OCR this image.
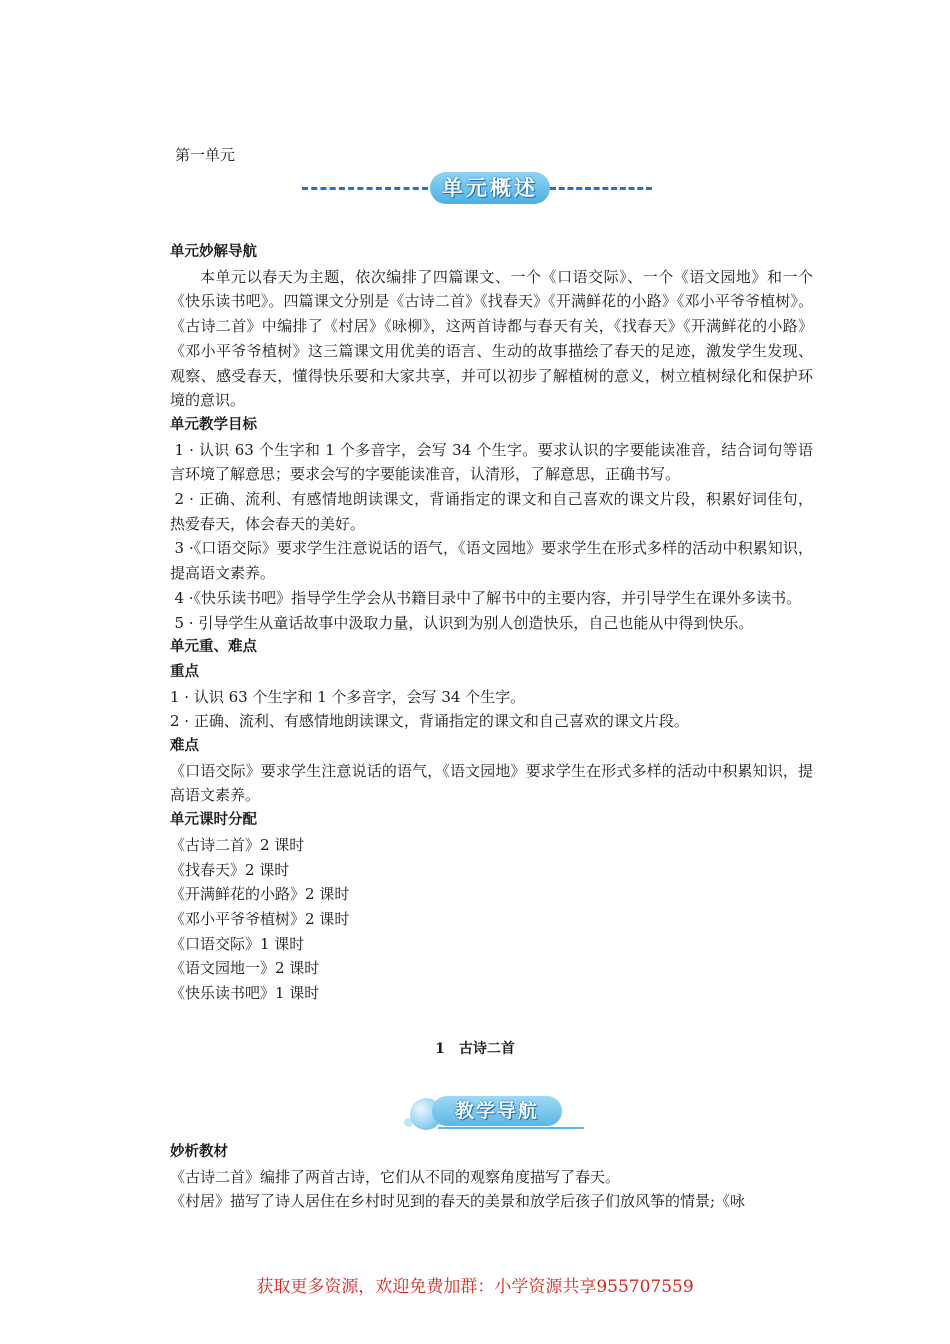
第一单元
单元概述

单元妙解导航

本单元以春天为主题，依次编排了四篇课文、一个《口语交际》、一个《语文园地》和一个《快乐读书吧》。四篇课文分别是《古诗二首》《找春天》《开满鲜花的小路》《邓小平爷爷植树》。《古诗二首》中编排了《村居》《咏柳》，这两首诗都与春天有关，《找春天》《开满鲜花的小路》《邓小平爷爷植树》这三篇课文用优美的语言、生动的故事描绘了春天的足迹，激发学生发现、观察、感受春天，懂得快乐要和大家共享，并可以初步了解植树的意义，树立植树绿化和保护环境的意识。

单元教学目标

1 · 认识 63 个生字和 1 个多音字，会写 34 个生字。要求认识的字要能读准音，结合词句等语言环境了解意思；要求会写的字要能读准音，认清形，了解意思，正确书写。

2 · 正确、流利、有感情地朗读课文，背诵指定的课文和自己喜欢的课文片段，积累好词佳句，热爱春天，体会春天的美好。

3 ·《口语交际》要求学生注意说话的语气，《语文园地》要求学生在形式多样的活动中积累知识，提高语文素养。

4 ·《快乐读书吧》指导学生学会从书籍目录中了解书中的主要内容，并引导学生在课外多读书。

5 · 引导学生从童话故事中汲取力量，认识到为别人创造快乐，自己也能从中得到快乐。

单元重、难点

重点

1 · 认识 63 个生字和 1 个多音字，会写 34 个生字。

2 · 正确、流利、有感情地朗读课文，背诵指定的课文和自己喜欢的课文片段。

难点

《口语交际》要求学生注意说话的语气，《语文园地》要求学生在形式多样的活动中积累知识，提高语文素养。

单元课时分配

《古诗二首》2 课时

《找春天》2 课时

《开满鲜花的小路》2 课时

《邓小平爷爷植树》2 课时

《口语交际》1 课时

《语文园地一》2 课时

《快乐读书吧》1 课时

1 古诗二首
教学导航

妙析教材

《古诗二首》编排了两首古诗，它们从不同的观察角度描写了春天。

《村居》描写了诗人居住在乡村时见到的春天的美景和放学后孩子们放风筝的情景;《咏

获取更多资源，欢迎免费加群：小学资源共享955707559
